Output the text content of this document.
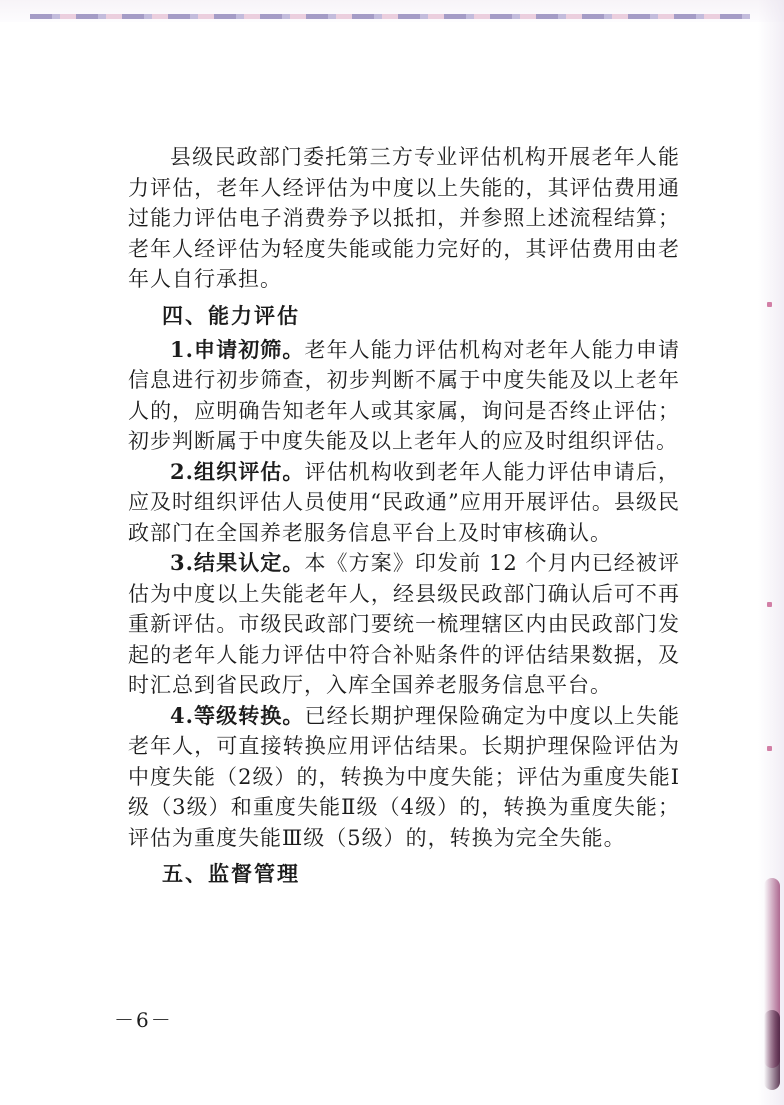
县级民政部门委托第三方专业评估机构开展老年人能力评估，老年人经评估为中度以上失能的，其评估费用通过能力评估电子消费券予以抵扣，并参照上述流程结算；老年人经评估为轻度失能或能力完好的，其评估费用由老年人自行承担。

四、能力评估

1.申请初筛。老年人能力评估机构对老年人能力申请信息进行初步筛查，初步判断不属于中度失能及以上老年人的，应明确告知老年人或其家属，询问是否终止评估；初步判断属于中度失能及以上老年人的应及时组织评估。

2.组织评估。评估机构收到老年人能力评估申请后，应及时组织评估人员使用“民政通”应用开展评估。县级民政部门在全国养老服务信息平台上及时审核确认。

3.结果认定。本《方案》印发前 12 个月内已经被评估为中度以上失能老年人，经县级民政部门确认后可不再重新评估。市级民政部门要统一梳理辖区内由民政部门发起的老年人能力评估中符合补贴条件的评估结果数据，及时汇总到省民政厅，入库全国养老服务信息平台。

4.等级转换。已经长期护理保险确定为中度以上失能老年人，可直接转换应用评估结果。长期护理保险评估为中度失能（2级）的，转换为中度失能；评估为重度失能Ⅰ级（3级）和重度失能Ⅱ级（4级）的，转换为重度失能；评估为重度失能Ⅲ级（5级）的，转换为完全失能。

五、监督管理
－6－
